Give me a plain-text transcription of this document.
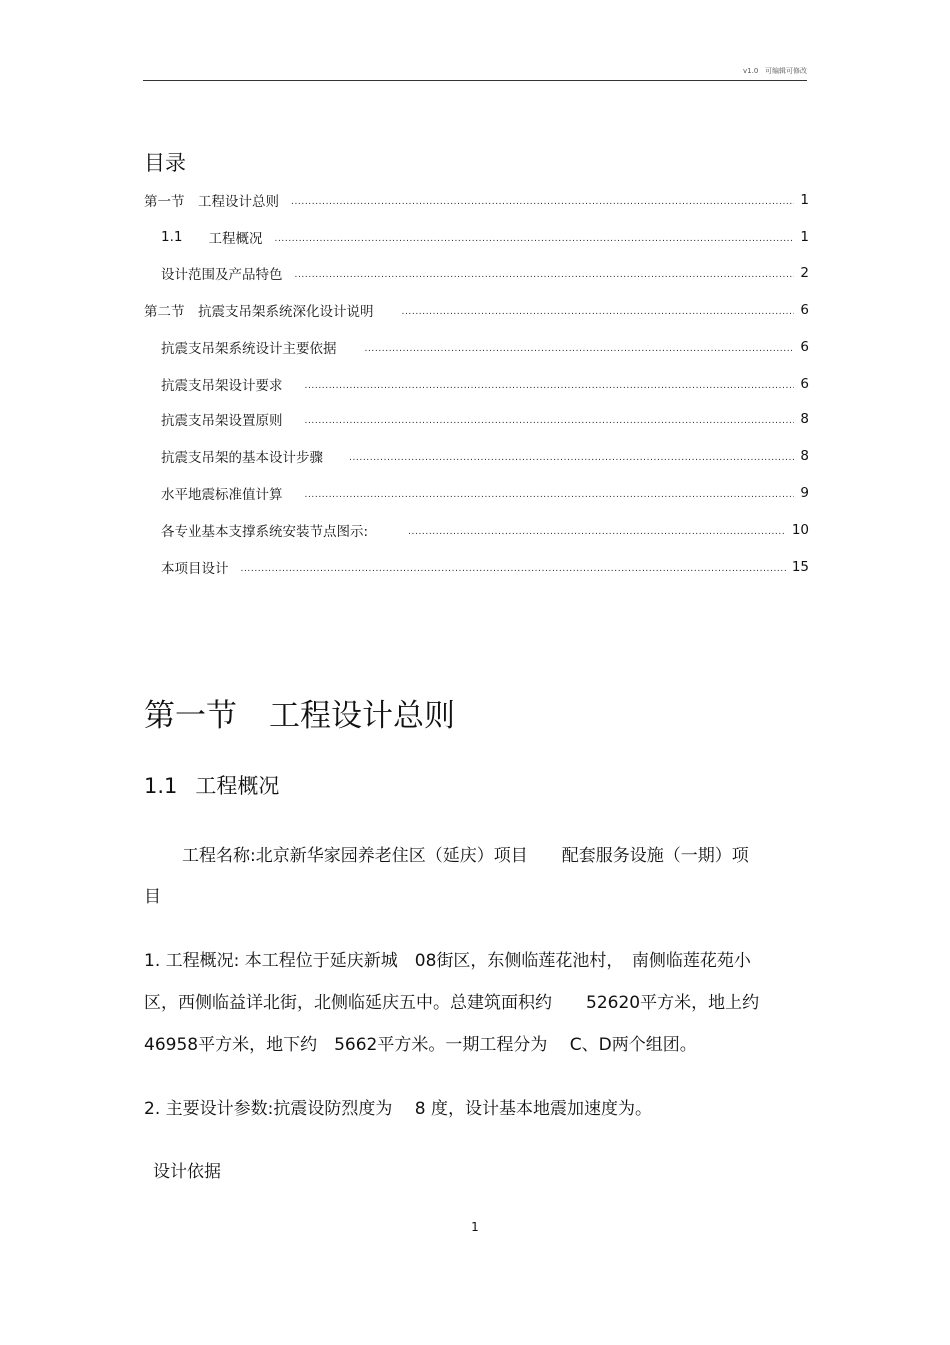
v1.0 可编辑可修改
目录
第一节　工程设计总则 .....	1
1.1 工程概况 .....	1
设计范围及产品特色 .....	2
第二节　抗震支吊架系统深化设计说明 .....	6
抗震支吊架系统设计主要依据 .....	6
抗震支吊架设计要求 .....	6
抗震支吊架设置原则 .....	8
抗震支吊架的基本设计步骤 .....	8
水平地震标准值计算 .....	9
各专业基本支撑系统安装节点图示: .....	10
本项目设计 .....	15
第一节 工程设计总则
1.1 工程概况
工程名称:北京新华家园养老住区（延庆）项目　　配套服务设施（一期）项
目
1. 工程概况: 本工程位于延庆新城　08街区，东侧临莲花池村，　南侧临莲花苑小
区，西侧临益详北街，北侧临延庆五中。总建筑面积约　　52620平方米，地上约
46958平方米，地下约　5662平方米。一期工程分为　 C、D两个组团。
2. 主要设计参数:抗震设防烈度为　 8 度，设计基本地震加速度为。
设计依据
1
